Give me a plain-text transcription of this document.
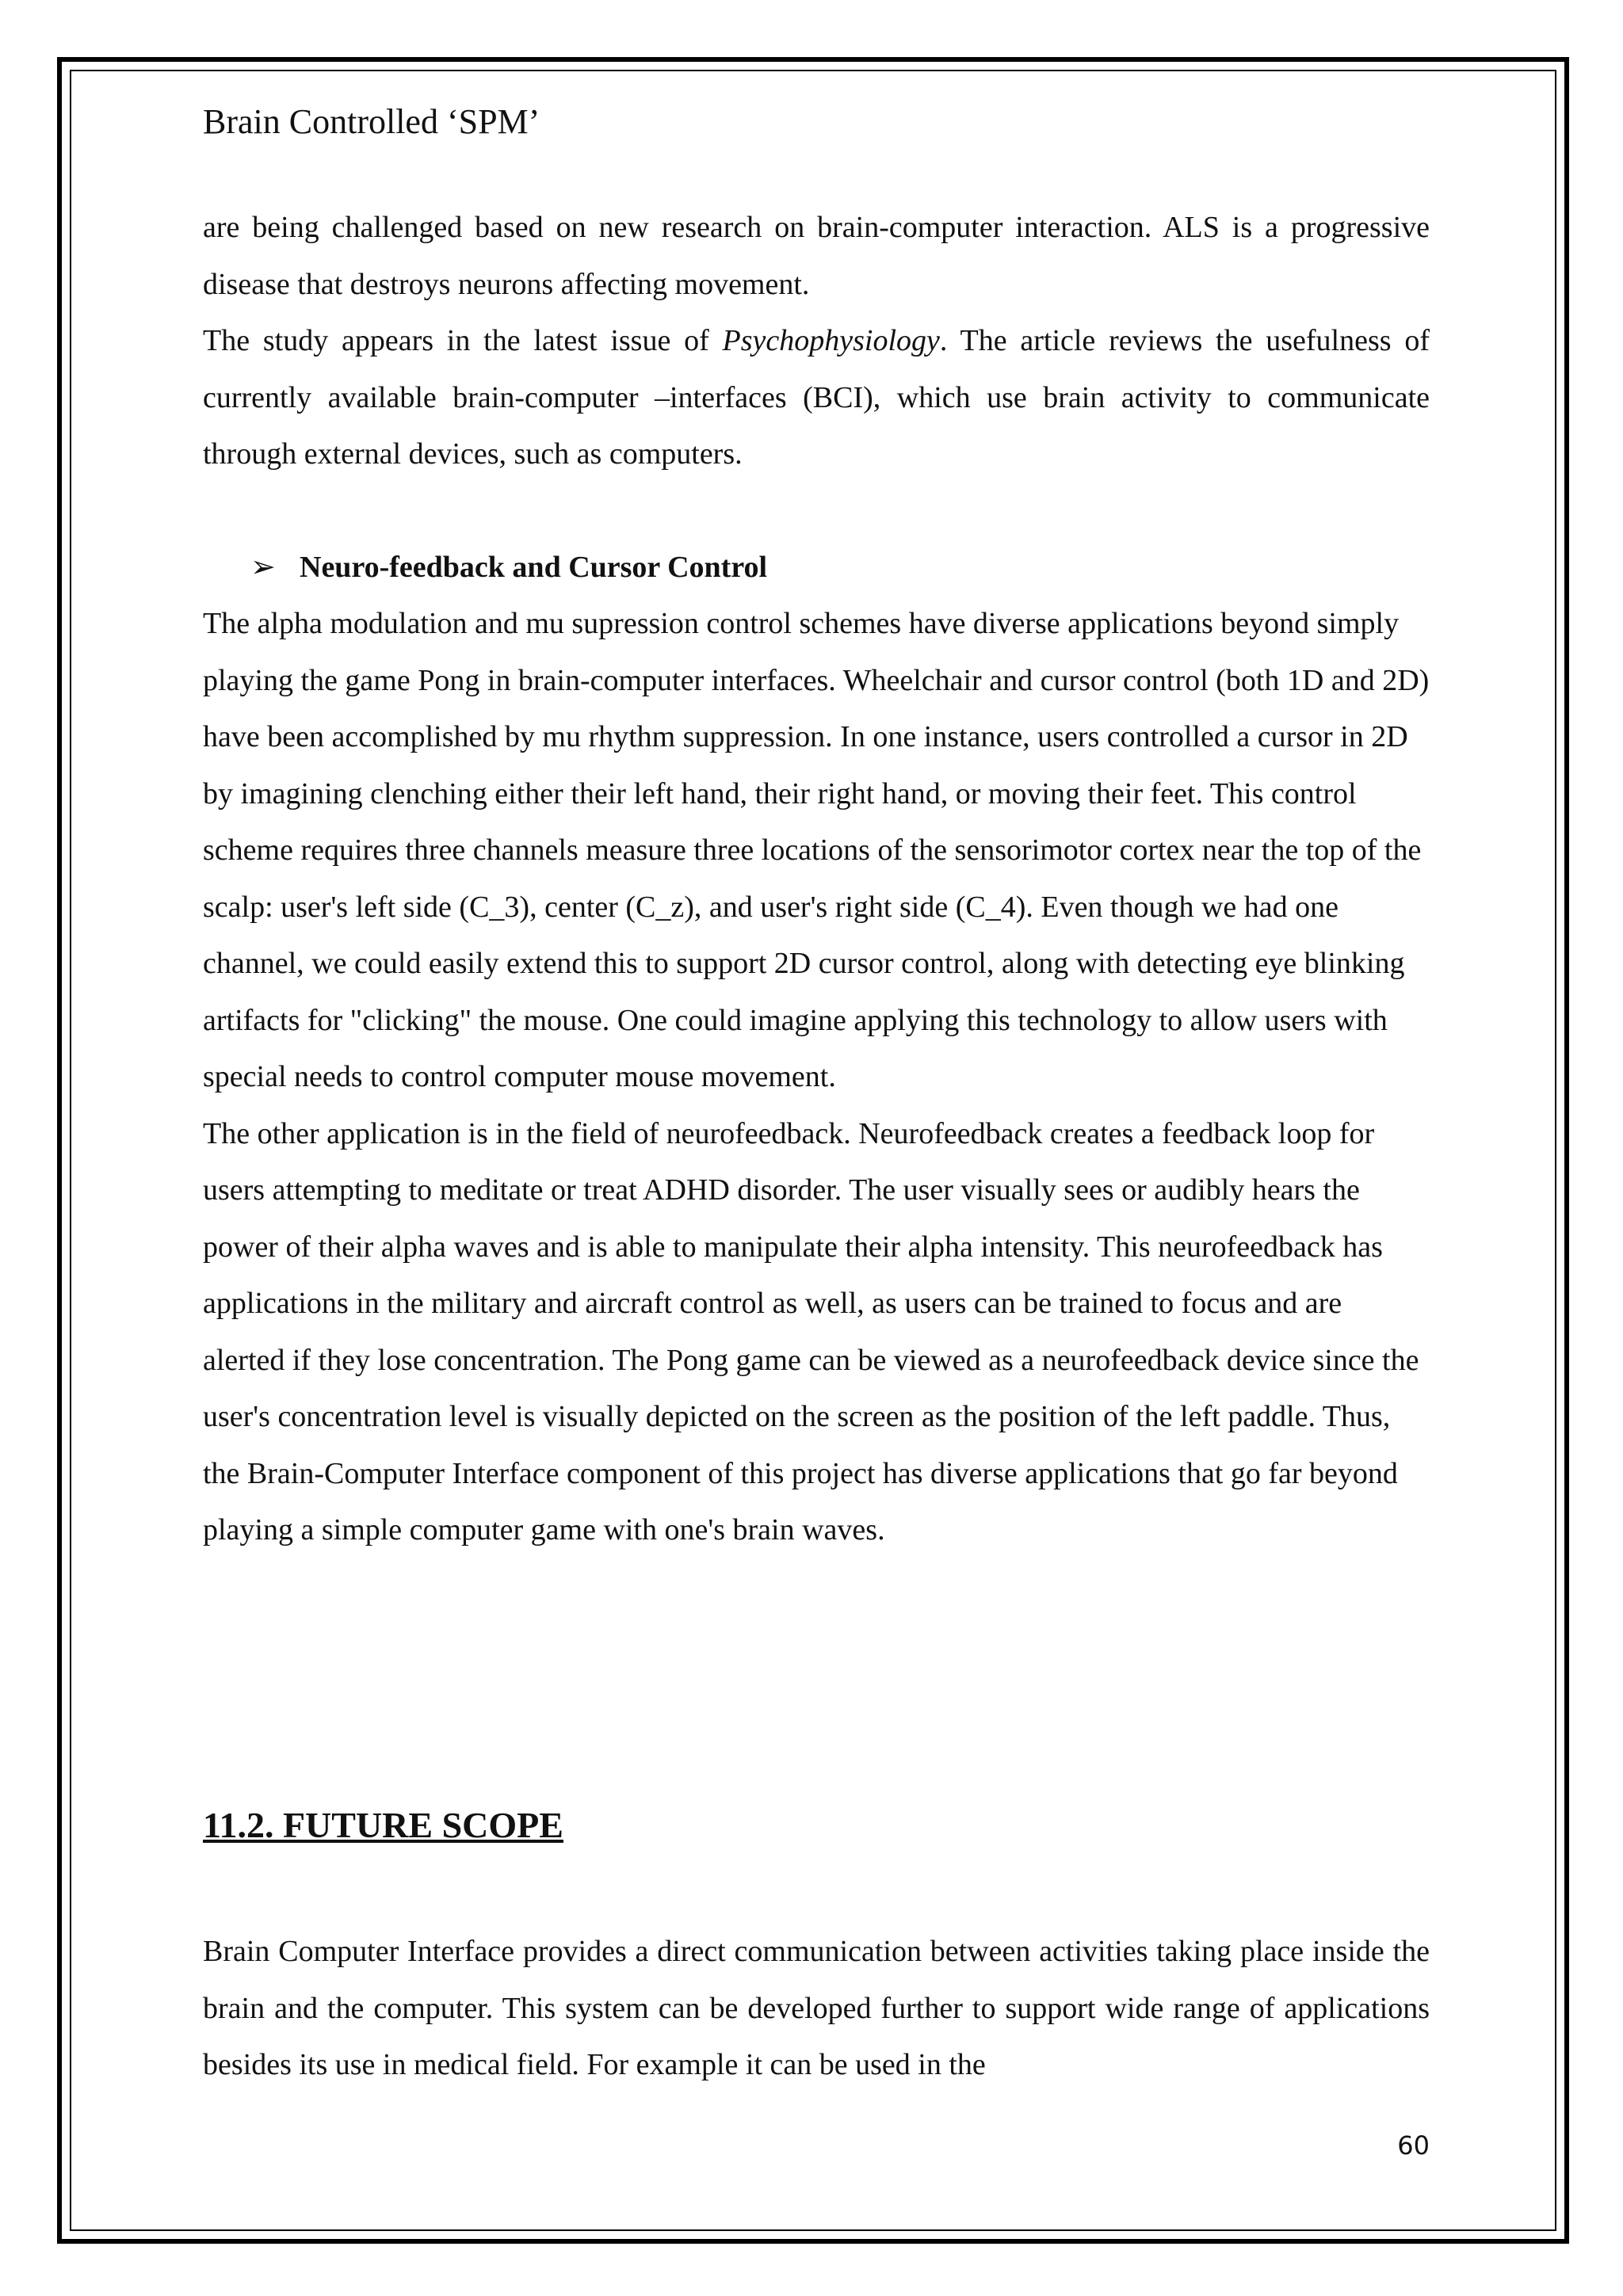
Brain Controlled ‘SPM’

are being challenged based on new research on brain-computer interaction. ALS is a progressive disease that destroys neurons affecting movement.

The study appears in the latest issue of Psychophysiology. The article reviews the usefulness of currently available brain-computer –interfaces (BCI), which use brain activity to communicate through external devices, such as computers.

➢ Neuro-feedback and Cursor Control

The alpha modulation and mu supression control schemes have diverse applications beyond simply playing the game Pong in brain-computer interfaces. Wheelchair and cursor control (both 1D and 2D) have been accomplished by mu rhythm suppression. In one instance, users controlled a cursor in 2D by imagining clenching either their left hand, their right hand, or moving their feet. This control scheme requires three channels measure three locations of the sensorimotor cortex near the top of the scalp: user's left side (C_3), center (C_z), and user's right side (C_4). Even though we had one channel, we could easily extend this to support 2D cursor control, along with detecting eye blinking artifacts for "clicking" the mouse. One could imagine applying this technology to allow users with special needs to control computer mouse movement.

The other application is in the field of neurofeedback. Neurofeedback creates a feedback loop for users attempting to meditate or treat ADHD disorder. The user visually sees or audibly hears the power of their alpha waves and is able to manipulate their alpha intensity. This neurofeedback has applications in the military and aircraft control as well, as users can be trained to focus and are alerted if they lose concentration. The Pong game can be viewed as a neurofeedback device since the user's concentration level is visually depicted on the screen as the position of the left paddle. Thus, the Brain-Computer Interface component of this project has diverse applications that go far beyond playing a simple computer game with one's brain waves.

11.2. FUTURE SCOPE

Brain Computer Interface provides a direct communication between activities taking place inside the brain and the computer. This system can be developed further to support wide range of applications besides its use in medical field. For example it can be used in the

60
